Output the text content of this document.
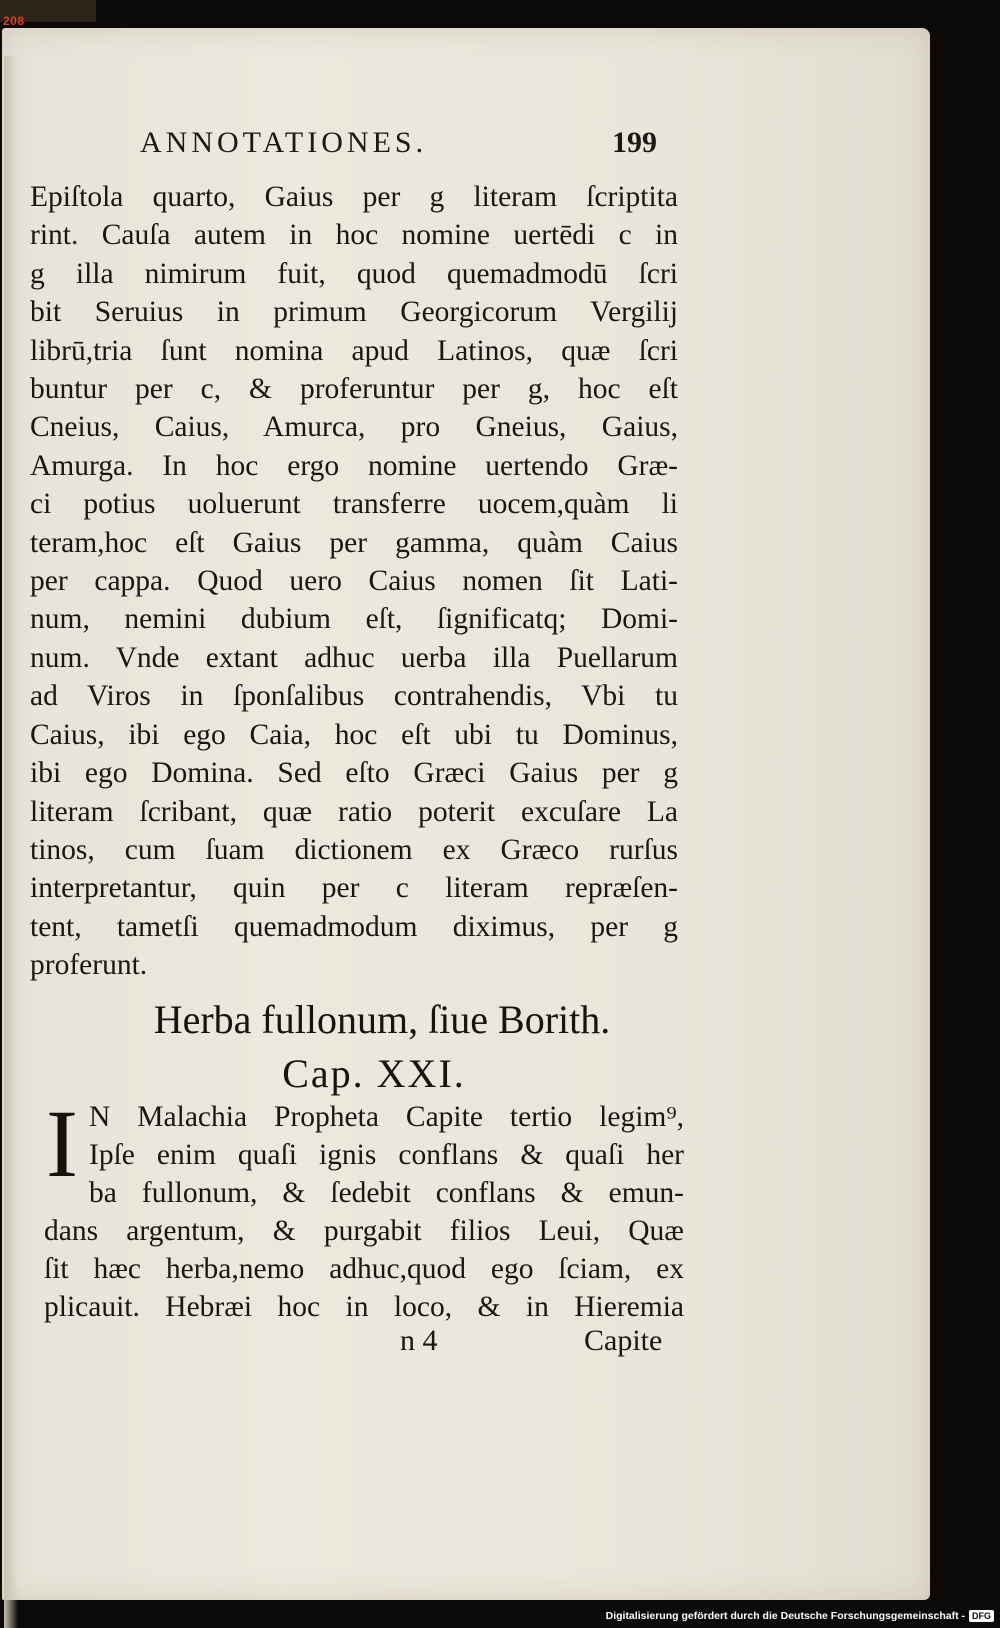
208
ANNOTATIONES.	199
Epiſtola quarto, Gaius per g literam ſcriptita
rint. Cauſa autem in hoc nomine uertēdi c in
g illa nimirum fuit, quod quemadmodū ſcri
bit Seruius in primum Georgicorum Vergilij
librū,tria ſunt nomina apud Latinos, quæ ſcri
buntur per c, & proferuntur per g, hoc eſt
Cneius, Caius, Amurca, pro Gneius, Gaius,
Amurga. In hoc ergo nomine uertendo Græ-
ci potius uoluerunt transferre uocem,quàm li
teram,hoc eſt Gaius per gamma, quàm Caius
per cappa. Quod uero Caius nomen ſit Lati-
num, nemini dubium eſt, ſignificatq; Domi-
num. Vnde extant adhuc uerba illa Puellarum
ad Viros in ſponſalibus contrahendis, Vbi tu
Caius, ibi ego Caia, hoc eſt ubi tu Dominus,
ibi ego Domina. Sed eſto Græci Gaius per g
literam ſcribant, quæ ratio poterit excuſare La
tinos, cum ſuam dictionem ex Græco rurſus
interpretantur, quin per c literam repræſen-
tent, tametſi quemadmodum diximus, per g
proferunt.
Herba fullonum, ſiue Borith.
Cap. XXI.
I N Malachia Propheta Capite tertio legim⁹,
Ipſe enim quaſi ignis conflans & quaſi her
ba fullonum, & ſedebit conflans & emun-
dans argentum, & purgabit filios Leui, Quæ
ſit hæc herba,nemo adhuc,quod ego ſciam, ex
plicauit. Hebræi hoc in loco, & in Hieremia
n 4	Capite
Digitalisierung gefördert durch die Deutsche Forschungsgemeinschaft - DFG
